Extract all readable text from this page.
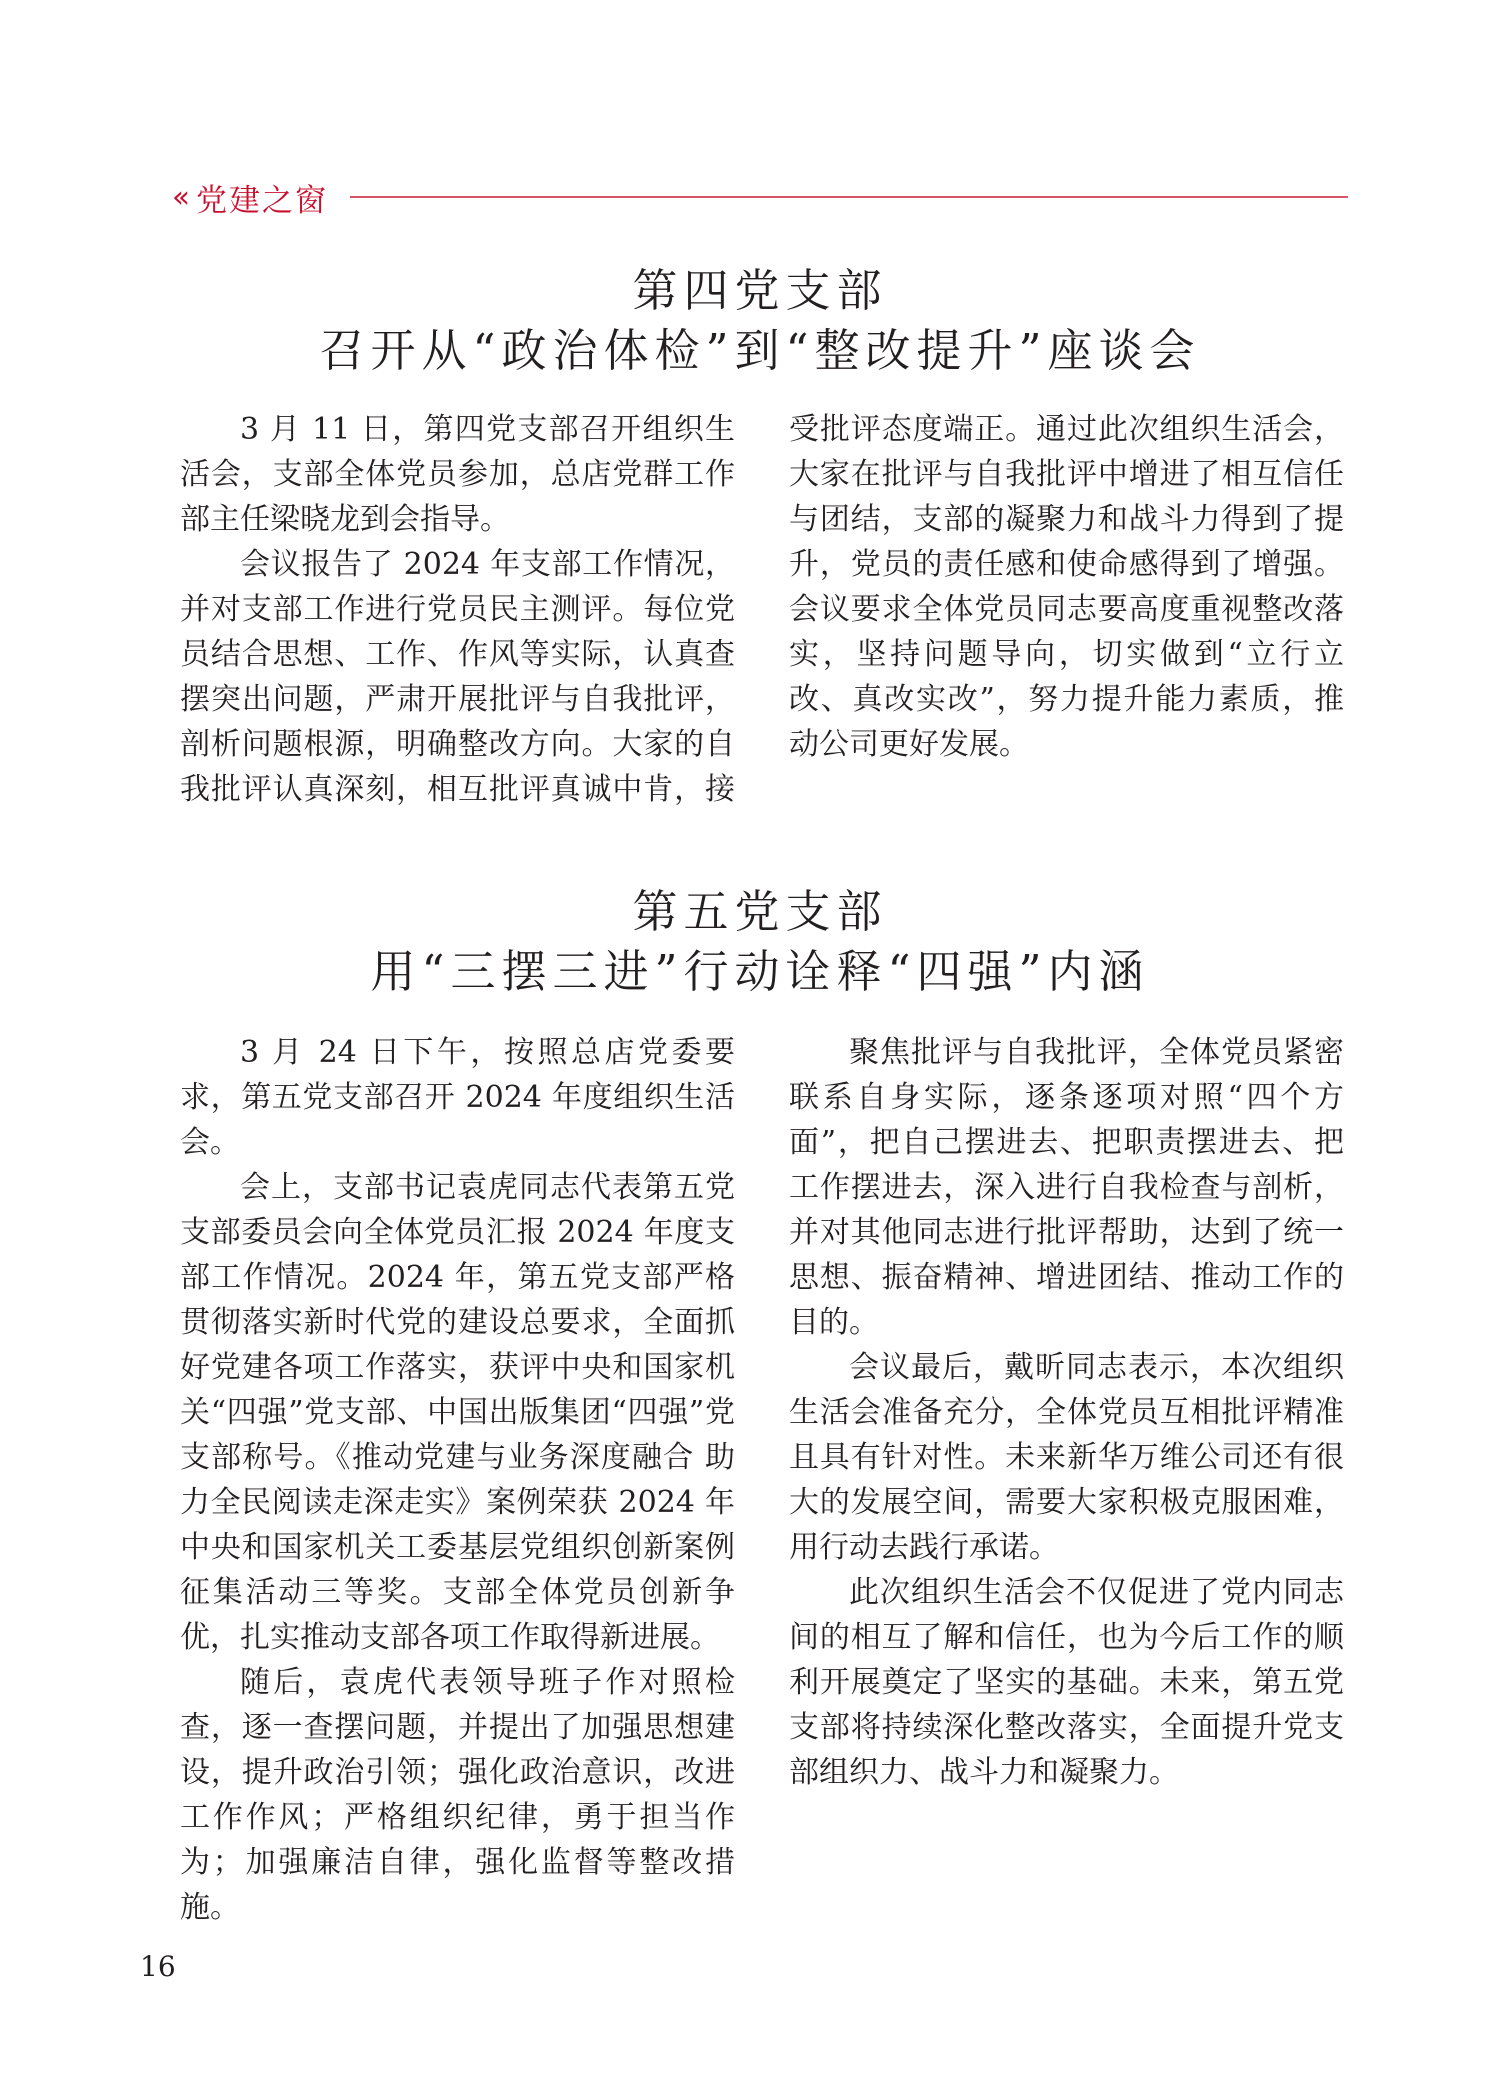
‹‹ 党建之窗
第四党支部
召开从“政治体检”到“整改提升”座谈会

3 月 11 日，第四党支部召开组织生活会，支部全体党员参加，总店党群工作部主任梁晓龙到会指导。

会议报告了 2024 年支部工作情况，并对支部工作进行党员民主测评。每位党员结合思想、工作、作风等实际，认真查摆突出问题，严肃开展批评与自我批评，剖析问题根源，明确整改方向。大家的自我批评认真深刻，相互批评真诚中肯，接受批评态度端正。通过此次组织生活会，大家在批评与自我批评中增进了相互信任与团结，支部的凝聚力和战斗力得到了提升，党员的责任感和使命感得到了增强。会议要求全体党员同志要高度重视整改落实，坚持问题导向，切实做到“立行立改、真改实改”，努力提升能力素质，推动公司更好发展。

第五党支部
用“三摆三进”行动诠释“四强”内涵

3 月 24 日下午，按照总店党委要求，第五党支部召开 2024 年度组织生活会。

会上，支部书记袁虎同志代表第五党支部委员会向全体党员汇报 2024 年度支部工作情况。2024 年，第五党支部严格贯彻落实新时代党的建设总要求，全面抓好党建各项工作落实，获评中央和国家机关“四强”党支部、中国出版集团“四强”党支部称号。《推动党建与业务深度融合 助力全民阅读走深走实》案例荣获 2024 年中央和国家机关工委基层党组织创新案例征集活动三等奖。支部全体党员创新争优，扎实推动支部各项工作取得新进展。

随后，袁虎代表领导班子作对照检查，逐一查摆问题，并提出了加强思想建设，提升政治引领；强化政治意识，改进工作作风；严格组织纪律，勇于担当作为；加强廉洁自律，强化监督等整改措施。

聚焦批评与自我批评，全体党员紧密联系自身实际，逐条逐项对照“四个方面”，把自己摆进去、把职责摆进去、把工作摆进去，深入进行自我检查与剖析，并对其他同志进行批评帮助，达到了统一思想、振奋精神、增进团结、推动工作的目的。

会议最后，戴昕同志表示，本次组织生活会准备充分，全体党员互相批评精准且具有针对性。未来新华万维公司还有很大的发展空间，需要大家积极克服困难，用行动去践行承诺。

此次组织生活会不仅促进了党内同志间的相互了解和信任，也为今后工作的顺利开展奠定了坚实的基础。未来，第五党支部将持续深化整改落实，全面提升党支部组织力、战斗力和凝聚力。

16
